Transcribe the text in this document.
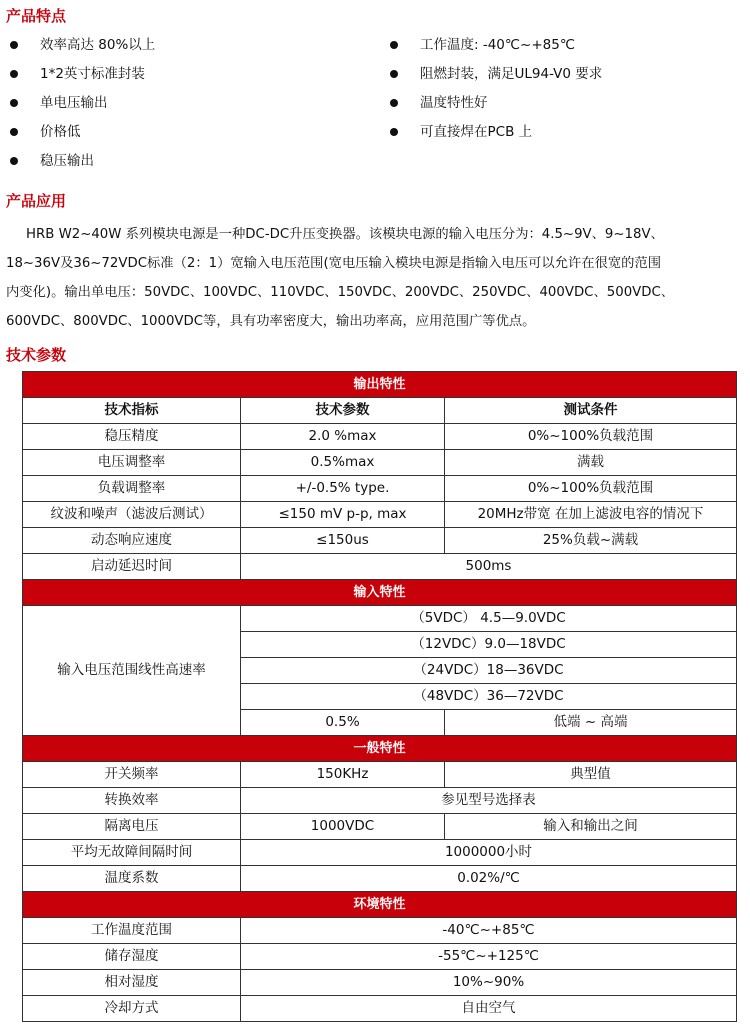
产品特点
效率高达 80%以上
1*2英寸标准封装
单电压输出
价格低
稳压输出
工作温度: -40℃~+85℃
阻燃封装，满足UL94-V0 要求
温度特性好
可直接焊在PCB 上
产品应用

HRB W2~40W 系列模块电源是一种DC-DC升压变换器。该模块电源的输入电压分为：4.5~9V、9~18V、
18~36V及36~72VDC标准（2：1）宽输入电压范围(宽电压输入模块电源是指输入电压可以允许在很宽的范围
内变化)。输出单电压：50VDC、100VDC、110VDC、150VDC、200VDC、250VDC、400VDC、500VDC、
600VDC、800VDC、1000VDC等，具有功率密度大，输出功率高，应用范围广等优点。

技术参数
输出特性		
技术指标	技术参数	测试条件
稳压精度	2.0 %max	0%~100%负载范围
电压调整率	0.5%max	满载
负载调整率	+/-0.5% type.	0%~100%负载范围
纹波和噪声（滤波后测试）	≤150 mV p-p, max	20MHz带宽 在加上滤波电容的情况下
动态响应速度	≤150us	25%负载~满载
启动延迟时间	500ms	
输入特性		
输入电压范围线性高速率	（5VDC） 4.5—9.0VDC	
	（12VDC）9.0—18VDC	
	（24VDC）18—36VDC	
	（48VDC）36—72VDC	
	0.5%	低端 ~ 高端
一般特性		
开关频率	150KHz	典型值
转换效率	参见型号选择表	
隔离电压	1000VDC	输入和输出之间
平均无故障间隔时间	1000000小时	
温度系数	0.02%/℃	
环境特性		
工作温度范围	-40℃~+85℃	
储存湿度	-55℃~+125℃	
相对湿度	10%~90%	
冷却方式	自由空气	
